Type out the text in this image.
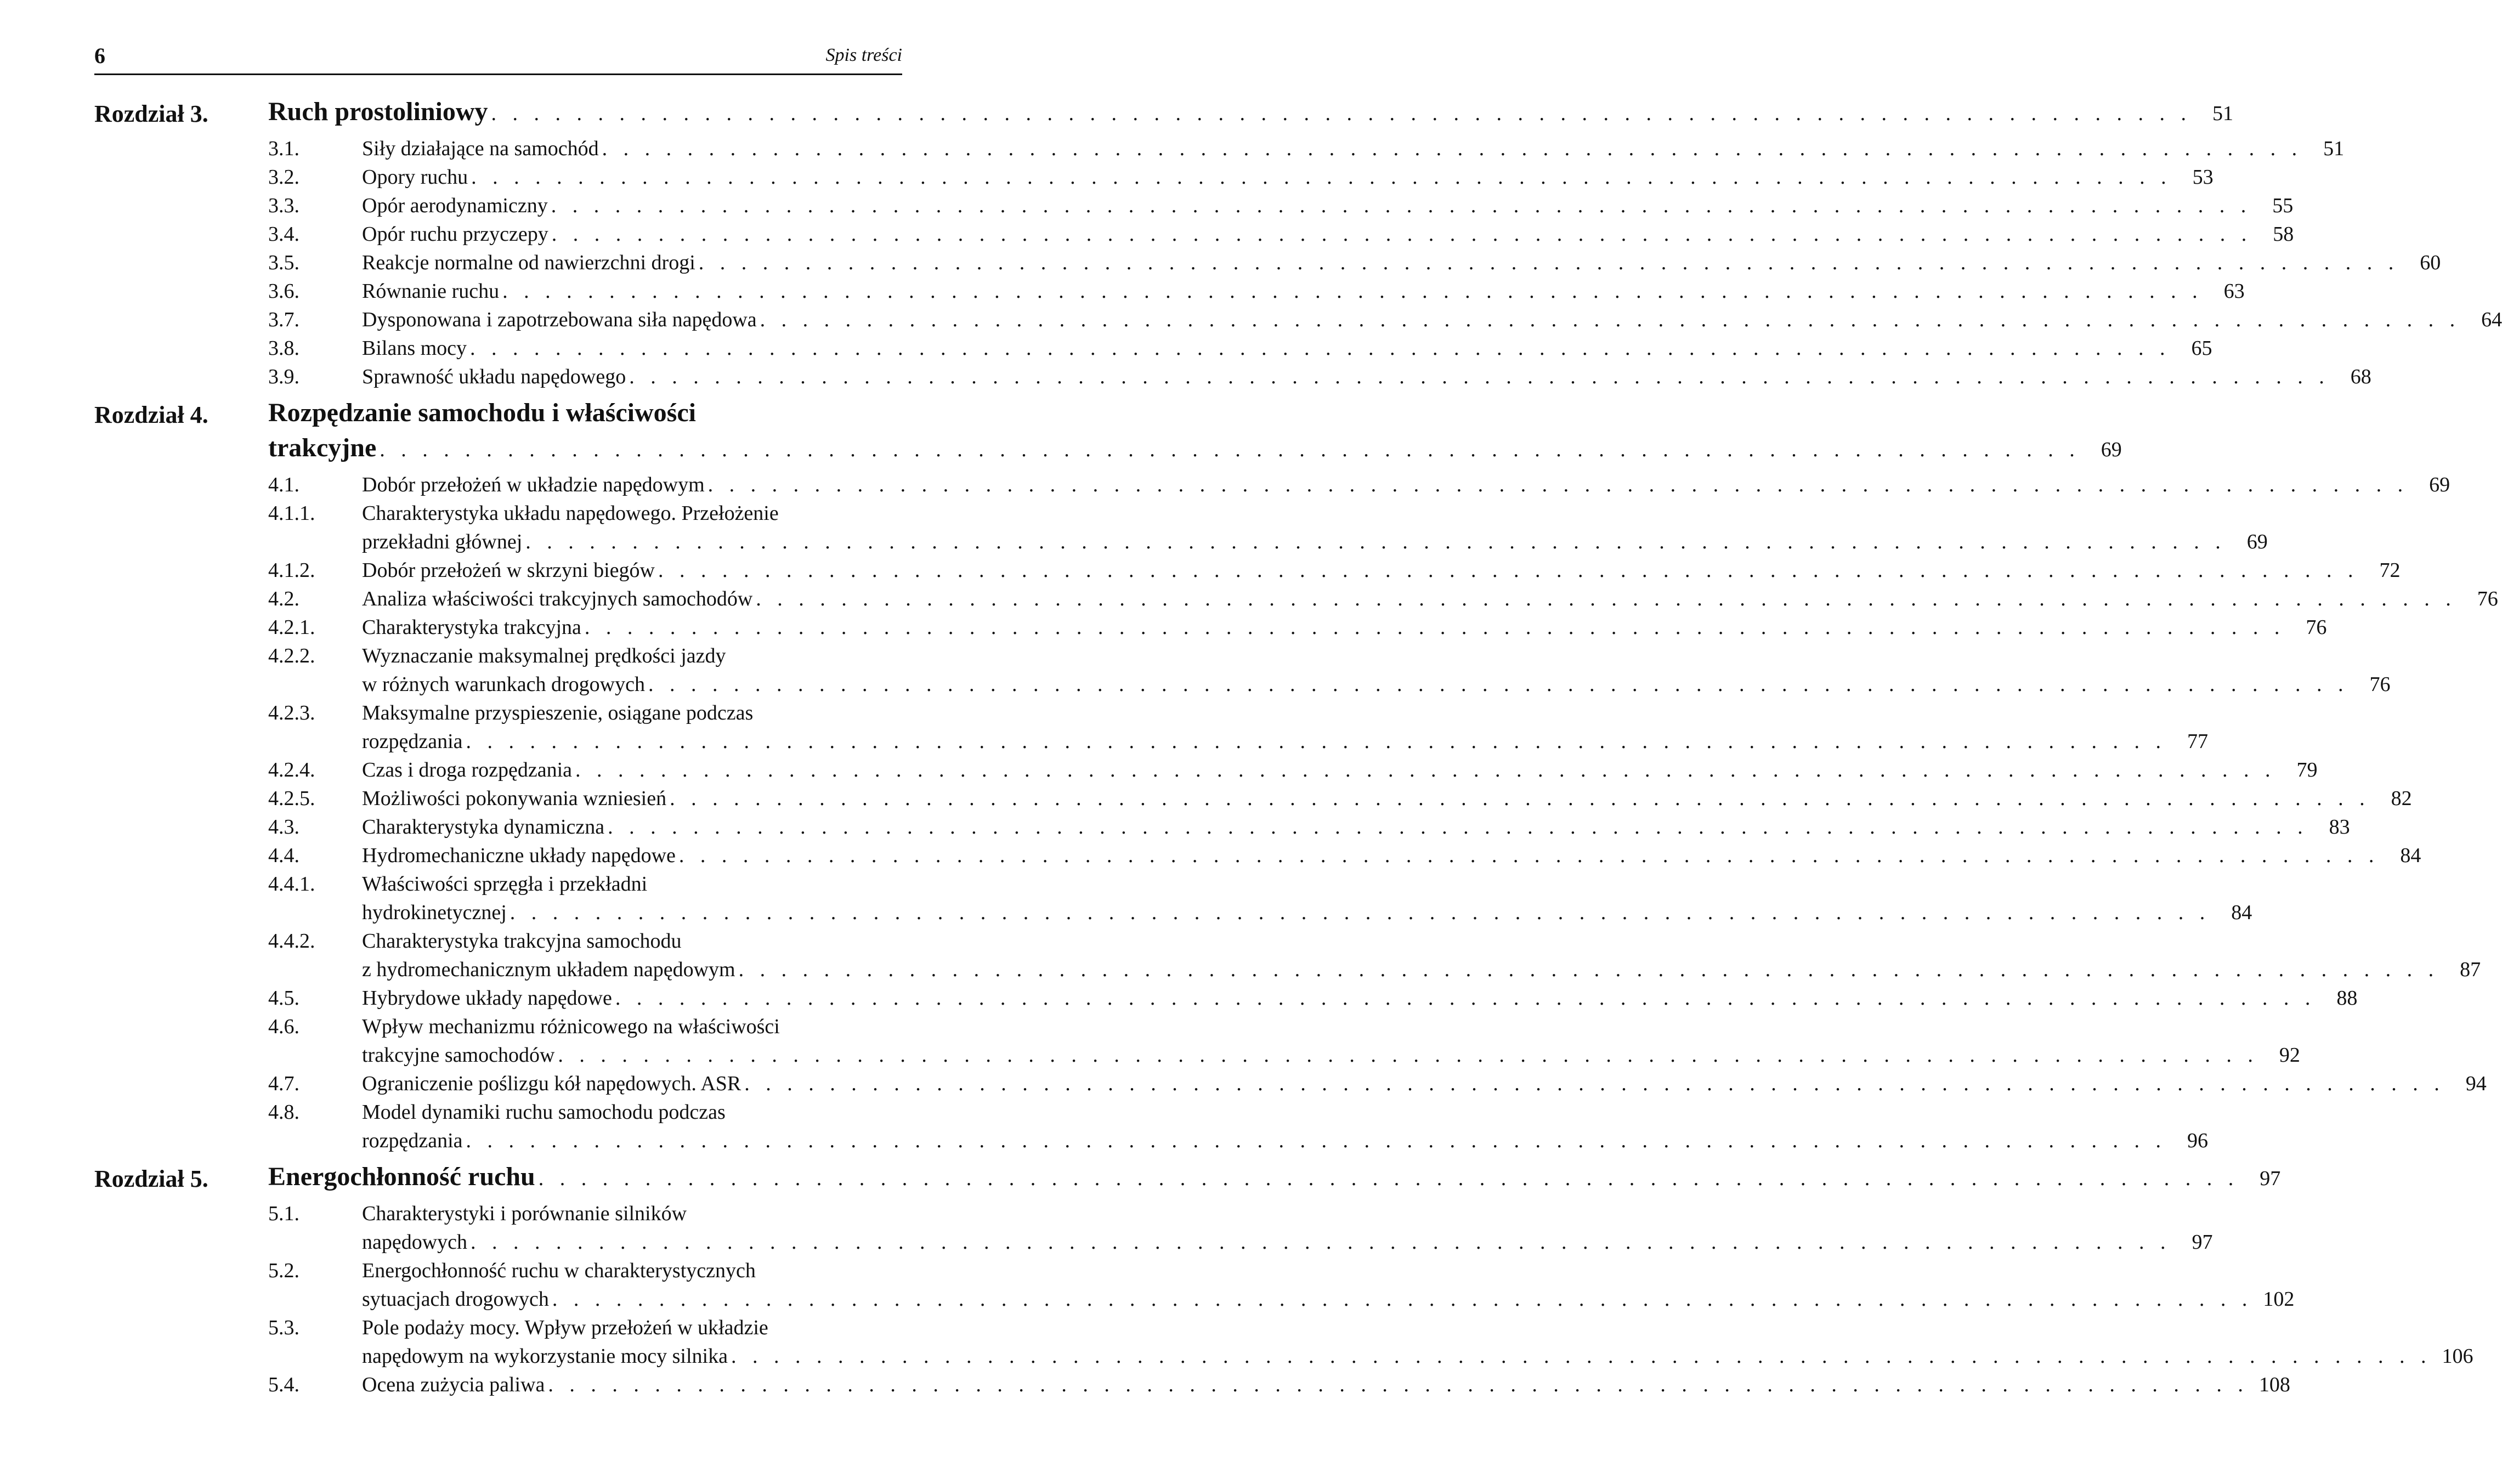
6	Spis treści
Rozdział 3. Ruch prostoliniowy . . . . . . . . . . . . . . . . . . . . . . . . . . . . . . . . . . . . . . . . . . . . . . . . . . . . . . . . . . . . . . . . . . . . . . . . . . . . . . . .	51
3.1.	Siły działające na samochód . . . . . . . . . . . . . . . . . . . . . . . . . . . . . . . . . . . . . . . . . . . . . . . . . . . . . . . . . . . . . . . . . . . . . . . . . . . . . . . .	51
3.2.	Opory ruchu . . . . . . . . . . . . . . . . . . . . . . . . . . . . . . . . . . . . . . . . . . . . . . . . . . . . . . . . . . . . . . . . . . . . . . . . . . . . . . . .	53
3.3.	Opór aerodynamiczny . . . . . . . . . . . . . . . . . . . . . . . . . . . . . . . . . . . . . . . . . . . . . . . . . . . . . . . . . . . . . . . . . . . . . . . . . . . . . . . .	55
3.4.	Opór ruchu przyczepy . . . . . . . . . . . . . . . . . . . . . . . . . . . . . . . . . . . . . . . . . . . . . . . . . . . . . . . . . . . . . . . . . . . . . . . . . . . . . . . .	58
3.5.	Reakcje normalne od nawierzchni drogi . . . . . . . . . . . . . . . . . . . . . . . . . . . . . . . . . . . . . . . . . . . . . . . . . . . . . . . . . . . . . . . . . . . . . . . . . . . . . . . .	60
3.6.	Równanie ruchu . . . . . . . . . . . . . . . . . . . . . . . . . . . . . . . . . . . . . . . . . . . . . . . . . . . . . . . . . . . . . . . . . . . . . . . . . . . . . . . .	63
3.7.	Dysponowana i zapotrzebowana siła napędowa . . . . . . . . . . . . . . . . . . . . . . . . . . . . . . . . . . . . . . . . . . . . . . . . . . . . . . . . . . . . . . . . . . . . . . . . . . . . . . . .	64
3.8.	Bilans mocy . . . . . . . . . . . . . . . . . . . . . . . . . . . . . . . . . . . . . . . . . . . . . . . . . . . . . . . . . . . . . . . . . . . . . . . . . . . . . . . .	65
3.9.	Sprawność układu napędowego . . . . . . . . . . . . . . . . . . . . . . . . . . . . . . . . . . . . . . . . . . . . . . . . . . . . . . . . . . . . . . . . . . . . . . . . . . . . . . . .	68
Rozdział 4. Rozpędzanie samochodu i właściwości
trakcyjne . . . . . . . . . . . . . . . . . . . . . . . . . . . . . . . . . . . . . . . . . . . . . . . . . . . . . . . . . . . . . . . . . . . . . . . . . . . . . . . .	69
4.1.	Dobór przełożeń w układzie napędowym . . . . . . . . . . . . . . . . . . . . . . . . . . . . . . . . . . . . . . . . . . . . . . . . . . . . . . . . . . . . . . . . . . . . . . . . . . . . . . . .	69
4.1.1. Charakterystyka układu napędowego. Przełożenie
przekładni głównej . . . . . . . . . . . . . . . . . . . . . . . . . . . . . . . . . . . . . . . . . . . . . . . . . . . . . . . . . . . . . . . . . . . . . . . . . . . . . . . .	69
4.1.2. Dobór przełożeń w skrzyni biegów . . . . . . . . . . . . . . . . . . . . . . . . . . . . . . . . . . . . . . . . . . . . . . . . . . . . . . . . . . . . . . . . . . . . . . . . . . . . . . . .	72
4.2.	Analiza właściwości trakcyjnych samochodów . . . . . . . . . . . . . . . . . . . . . . . . . . . . . . . . . . . . . . . . . . . . . . . . . . . . . . . . . . . . . . . . . . . . . . . . . . . . . . . .	76
4.2.1. Charakterystyka trakcyjna . . . . . . . . . . . . . . . . . . . . . . . . . . . . . . . . . . . . . . . . . . . . . . . . . . . . . . . . . . . . . . . . . . . . . . . . . . . . . . . .	76
4.2.2. Wyznaczanie maksymalnej prędkości jazdy
w różnych warunkach drogowych . . . . . . . . . . . . . . . . . . . . . . . . . . . . . . . . . . . . . . . . . . . . . . . . . . . . . . . . . . . . . . . . . . . . . . . . . . . . . . . .	76
4.2.3. Maksymalne przyspieszenie, osiągane podczas
rozpędzania . . . . . . . . . . . . . . . . . . . . . . . . . . . . . . . . . . . . . . . . . . . . . . . . . . . . . . . . . . . . . . . . . . . . . . . . . . . . . . . .	77
4.2.4. Czas i droga rozpędzania . . . . . . . . . . . . . . . . . . . . . . . . . . . . . . . . . . . . . . . . . . . . . . . . . . . . . . . . . . . . . . . . . . . . . . . . . . . . . . . .	79
4.2.5. Możliwości pokonywania wzniesień . . . . . . . . . . . . . . . . . . . . . . . . . . . . . . . . . . . . . . . . . . . . . . . . . . . . . . . . . . . . . . . . . . . . . . . . . . . . . . . .	82
4.3.	Charakterystyka dynamiczna . . . . . . . . . . . . . . . . . . . . . . . . . . . . . . . . . . . . . . . . . . . . . . . . . . . . . . . . . . . . . . . . . . . . . . . . . . . . . . . .	83
4.4.	Hydromechaniczne układy napędowe . . . . . . . . . . . . . . . . . . . . . . . . . . . . . . . . . . . . . . . . . . . . . . . . . . . . . . . . . . . . . . . . . . . . . . . . . . . . . . . .	84
4.4.1. Właściwości sprzęgła i przekładni
hydrokinetycznej . . . . . . . . . . . . . . . . . . . . . . . . . . . . . . . . . . . . . . . . . . . . . . . . . . . . . . . . . . . . . . . . . . . . . . . . . . . . . . . .	84
4.4.2. Charakterystyka trakcyjna samochodu
z hydromechanicznym układem napędowym . . . . . . . . . . . . . . . . . . . . . . . . . . . . . . . . . . . . . . . . . . . . . . . . . . . . . . . . . . . . . . . . . . . . . . . . . . . . . . . .	87
4.5.	Hybrydowe układy napędowe . . . . . . . . . . . . . . . . . . . . . . . . . . . . . . . . . . . . . . . . . . . . . . . . . . . . . . . . . . . . . . . . . . . . . . . . . . . . . . . .	88
4.6.	Wpływ mechanizmu różnicowego na właściwości
trakcyjne samochodów . . . . . . . . . . . . . . . . . . . . . . . . . . . . . . . . . . . . . . . . . . . . . . . . . . . . . . . . . . . . . . . . . . . . . . . . . . . . . . . .	92
4.7.	Ograniczenie poślizgu kół napędowych. ASR . . . . . . . . . . . . . . . . . . . . . . . . . . . . . . . . . . . . . . . . . . . . . . . . . . . . . . . . . . . . . . . . . . . . . . . . . . . . . . . .	94
4.8.	Model dynamiki ruchu samochodu podczas
rozpędzania . . . . . . . . . . . . . . . . . . . . . . . . . . . . . . . . . . . . . . . . . . . . . . . . . . . . . . . . . . . . . . . . . . . . . . . . . . . . . . . .	96
Rozdział 5. Energochłonność ruchu . . . . . . . . . . . . . . . . . . . . . . . . . . . . . . . . . . . . . . . . . . . . . . . . . . . . . . . . . . . . . . . . . . . . . . . . . . . . . . . .	97
5.1.	Charakterystyki i porównanie silników
napędowych . . . . . . . . . . . . . . . . . . . . . . . . . . . . . . . . . . . . . . . . . . . . . . . . . . . . . . . . . . . . . . . . . . . . . . . . . . . . . . . .	97
5.2.	Energochłonność ruchu w charakterystycznych
sytuacjach drogowych . . . . . . . . . . . . . . . . . . . . . . . . . . . . . . . . . . . . . . . . . . . . . . . . . . . . . . . . . . . . . . . . . . . . . . . . . . . . . . . . 102
5.3.	Pole podaży mocy. Wpływ przełożeń w układzie
napędowym na wykorzystanie mocy silnika . . . . . . . . . . . . . . . . . . . . . . . . . . . . . . . . . . . . . . . . . . . . . . . . . . . . . . . . . . . . . . . . . . . . . . . . . . . . . . . . 106
5.4.	Ocena zużycia paliwa . . . . . . . . . . . . . . . . . . . . . . . . . . . . . . . . . . . . . . . . . . . . . . . . . . . . . . . . . . . . . . . . . . . . . . . . . . . . . . . . 108
